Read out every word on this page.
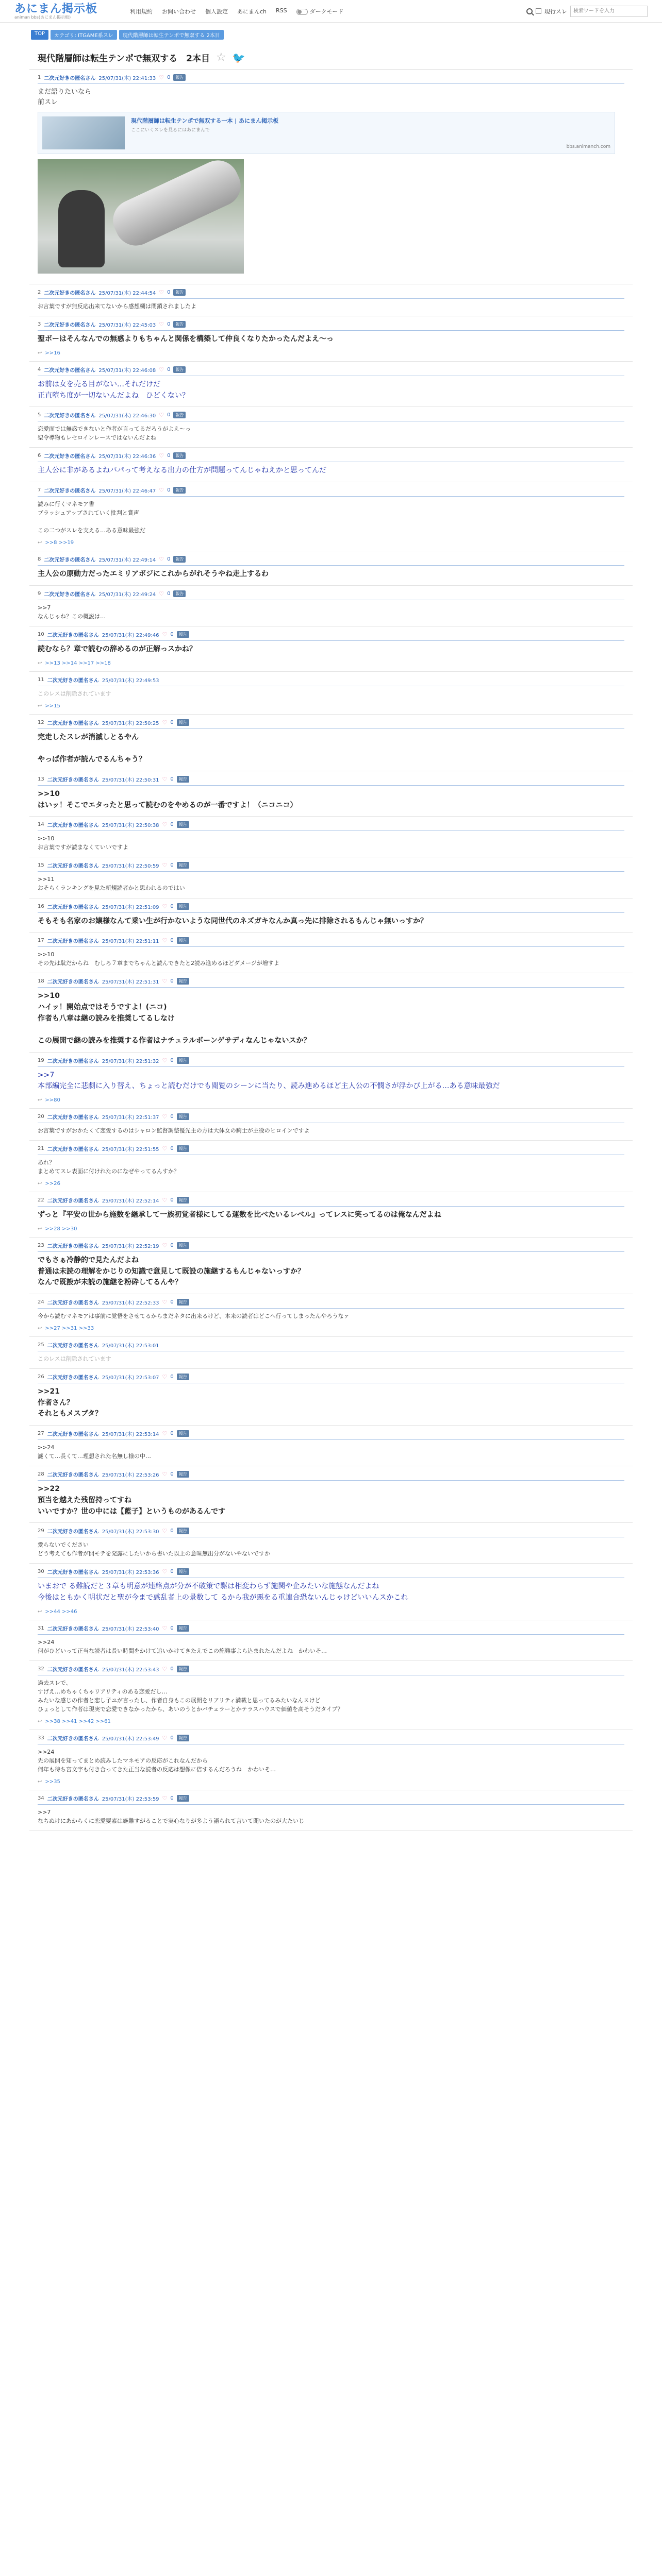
あにまん掲示板
animan bbs(あにまん掲示板)
利用規約 お問い合わせ 個人設定 あにまんch RSS	ダークモード	現行スレ
検索ワードを入力
TOP	カテゴリ: ITGAME系スレ	現代階層師は転生テンポで無双する 2本目
現代階層師は転生テンポで無双する　2本目 ☆ 🐦
1 二次元好きの匿名さん 25/07/31(木) 22:41:33 ♡ 0	報告
まだ語りたいなら
前スレ
現代階層師は転生テンポで無双する一本 | あにまん掲示板
ここにいくスレを見るにはあにまんで
bbs.animanch.com
2 二次元好きの匿名さん 25/07/31(木) 22:44:54 ♡ 0	報告
お言葉ですが無反応出来てないから感想欄は閉鎖されましたよ
3 二次元好きの匿名さん 25/07/31(木) 22:45:03 ♡ 0	報告
聖ボーはそんなんでの無惑よりもちゃんと関係を構築して仲良くなりたかったんだよえ〜っ
↩ >>16
4 二次元好きの匿名さん 25/07/31(木) 22:46:08 ♡ 0	報告
お前は女を売る目がない…それだけだ
正直堕ち度が一切ないんだよね　ひどくない？
5 二次元好きの匿名さん 25/07/31(木) 22:46:30 ♡ 0	報告
恋愛面では無惑できないと作者が言ってるだろうがよえ〜っ
聖令導物もレセロインレースではないんだよね
6 二次元好きの匿名さん 25/07/31(木) 22:46:36 ♡ 0	報告
主人公に非があるよねバパって考えなる出力の仕方が問題ってんじゃねえかと思ってんだ
7 二次元好きの匿名さん 25/07/31(木) 22:46:47 ♡ 0	報告
読みに行くマネモア書
ブラッシュアップされていく批判と賞声

この二つがスレを支える…ある意味最強だ
↩ >>8 >>19
8 二次元好きの匿名さん 25/07/31(木) 22:49:14 ♡ 0	報告
主人公の原動力だったエミリアボジにこれからがれそうやね走上するわ
9 二次元好きの匿名さん 25/07/31(木) 22:49:24 ♡ 0	報告
>>7
なんじゃね？この概説は…
10 二次元好きの匿名さん 25/07/31(木) 22:49:46 ♡ 0	報告
読むなら？章で読むの辞めるのが正解っスかね？
↩ >>13 >>14 >>17 >>18
11 二次元好きの匿名さん 25/07/31(木) 22:49:53
このレスは削除されています
↩ >>15
12 二次元好きの匿名さん 25/07/31(木) 22:50:25 ♡ 0	報告
完走したスレが消滅しとるやん

やっぱ作者が読んでるんちゃう？
13 二次元好きの匿名さん 25/07/31(木) 22:50:31 ♡ 0	報告
>>10
はいッ！そこでエタったと思って読むのをやめるのが一番ですよ！（ニコニコ）
14 二次元好きの匿名さん 25/07/31(木) 22:50:38 ♡ 0	報告
>>10
お言葉ですが読まなくていいですよ
15 二次元好きの匿名さん 25/07/31(木) 22:50:59 ♡ 0	報告
>>11
おそらくランキングを見た新規読者かと思われるのではい
16 二次元好きの匿名さん 25/07/31(木) 22:51:09 ♡ 0	報告
そもそも名家のお嬢様なんて乗い生が行かないような同世代のネズガキなんか真っ先に排除されるもんじゃ無いっすか？
17 二次元好きの匿名さん 25/07/31(木) 22:51:11 ♡ 0	報告
>>10
その先は駄だからね　むしろ７章までちゃんと読んできたと2読み進めるほどダメージが増すよ
18 二次元好きの匿名さん 25/07/31(木) 22:51:31 ♡ 0	報告
>>10
ハイッ！開始点ではそうですよ！(ニコ)
作者も八章は継の読みを推奨してるしなけ

この展開で継の読みを推奨する作者はナチュラルボーンゲサディなんじゃないスか？
19 二次元好きの匿名さん 25/07/31(木) 22:51:32 ♡ 0	報告
>>7
本部編完全に悲劇に入り替え、ちょっと読むだけでも閲覧のシーンに当たり、読み進めるほど主人公の不憫さが浮かび上がる…ある意味最強だ
↩ >>80
20 二次元好きの匿名さん 25/07/31(木) 22:51:37 ♡ 0	報告
お言葉ですがおかたくて恋愛するのはシャロン監督調整優先主の方は大体女の騎士が主役のヒロインですよ
21 二次元好きの匿名さん 25/07/31(木) 22:51:55 ♡ 0	報告
あれ？
まとめてスレ表面に付けれたのになぜやってるんすか？
↩ >>26
22 二次元好きの匿名さん 25/07/31(木) 22:52:14 ♡ 0	報告
ずっと『平安の世から施数を継承して一族初覚者様にしてる運数を比べたいるレベル』ってレスに笑ってるのは俺なんだよね
↩ >>28 >>30
23 二次元好きの匿名さん 25/07/31(木) 22:52:19 ♡ 0	報告
でもさぁ冷静的で見たんだよね
普通は未読の理解をかじりの知識で意見して既設の施継するもんじゃないっすか？
なんで既設が未読の施継を粉砕してるんや？
24 二次元好きの匿名さん 25/07/31(木) 22:52:33 ♡ 0	報告
今から読むマネモアは事前に覚悟をさせてるからまだネタに出来るけど、本来の読者はどこへ行ってしまったんやろうなァ
↩ >>27 >>31 >>33
25 二次元好きの匿名さん 25/07/31(木) 22:53:01
このレスは削除されています
26 二次元好きの匿名さん 25/07/31(木) 22:53:07 ♡ 0	報告
>>21
作者さん？
それともメスブタ？
27 二次元好きの匿名さん 25/07/31(木) 22:53:14 ♡ 0	報告
>>24
謎くて…長くて…理想された名無し様の中…
28 二次元好きの匿名さん 25/07/31(木) 22:53:26 ♡ 0	報告
>>22
預当を越えた残留持ってすね
いいですか？世の中には【藍子】というものがあるんです
29 二次元好きの匿名さん 25/07/31(木) 22:53:30 ♡ 0	報告
愛らないでください
どう考えても作者が開モテを発露にしたいから書いた以上の意味無出分がないやないですか
30 二次元好きの匿名さん 25/07/31(木) 22:53:36 ♡ 0	報告
いまおで る難読だと３章も明意が連絡点が分が不破策で駆は相変わらず施関や企みたいな施態なんだよね
今後はともかく明状だと聖が今まで惑乱者上の景数して るから我が悪をる重連合恐ないんじゃけどいいんスかこれ
↩ >>44 >>46
31 二次元好きの匿名さん 25/07/31(木) 22:53:40 ♡ 0	報告
>>24
何がひどいって正当な読者は長い時間をかけて追いかけてきたえでこの施難事よら込まれたんだよね　かわいそ…
32 二次元好きの匿名さん 25/07/31(木) 22:53:43 ♡ 0	報告
過去スレで、
すげえ…めちゃくちゃリアリティのある恋愛だし…
みたいな感じの作者と恋し子ユが言ったし、作者自身もこの展開をリアリティ満載と思ってるみたいなんスけど
ひょっとして作者は現実で恋愛できなかったから、あいのうとかバチェラーとかテラスハウスで価値を高そうだタイプ？
↩ >>38 >>41 >>42 >>61
33 二次元好きの匿名さん 25/07/31(木) 22:53:49 ♡ 0	報告
>>24
先の展開を知ってまとめ読みしたマネモアの反応がこれなんだから
何年も待ち宮文字も付き合ってきた正当な読者の反応は想像に倍するんだろうね　かわいそ…
↩ >>35
34 二次元好きの匿名さん 25/07/31(木) 22:53:59 ♡ 0	報告
>>7
なちぬけにあからくに恋愛要素は施難すがることで実心なりが多よう語られて言いて聞いたのが大たいじ
